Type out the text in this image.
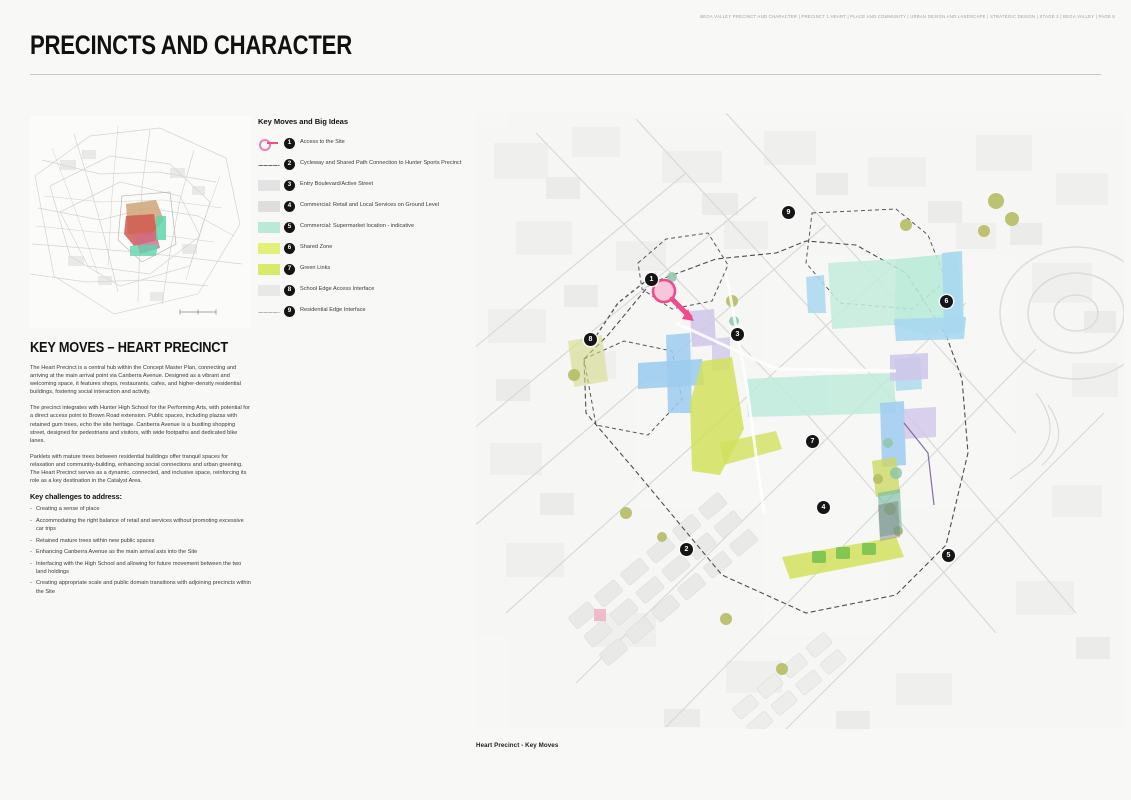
BEGA VALLEY PRECINCT AND CHARACTER | PRECINCT 1 HEART | PLACE AND COMMUNITY | URBAN DESIGN AND LANDSCAPE | STRATEGIC DESIGN | STAGE 2 | BEGA VALLEY | PAGE 8
PRECINCTS AND CHARACTER
KEY MOVES – HEART PRECINCT

The Heart Precinct is a central hub within the Concept Master Plan, connecting and arriving at the main arrival point via Canberra Avenue. Designed as a vibrant and welcoming space, it features shops, restaurants, cafes, and higher-density residential buildings, fostering social interaction and activity.

The precinct integrates with Hunter High School for the Performing Arts, with potential for a direct access point to Brown Road extension. Public spaces, including plazas with retained gum trees, echo the site heritage. Canberra Avenue is a bustling shopping street, designed for pedestrians and visitors, with wide footpaths and dedicated bike lanes.

Parklets with mature trees between residential buildings offer tranquil spaces for relaxation and community-building, enhancing social connections and urban greening. The Heart Precinct serves as a dynamic, connected, and inclusive space, reinforcing its role as a key destination in the Catalyst Area.

Key challenges to address:
- Creating a sense of place
- Accommodating the right balance of retail and services without promoting excessive car trips
- Retained mature trees within new public spaces
- Enhancing Canberra Avenue as the main arrival axis into the Site
- Interfacing with the High School and allowing for future movement between the two land holdings
- Creating appropriate scale and public domain transitions with adjoining precincts within the Site
Key Moves and Big Ideas
1	Access to the Site
2	Cycleway and Shared Path Connection to Hunter Sports Precinct
3	Entry Boulevard/Active Street
4	Commercial: Retail and Local Services on Ground Level
5	Commercial: Supermarket location - indicative
6	Shared Zone
7	Green Links
8	School Edge Access Interface
9	Residential Edge Interface
1
2
3
4
5
6
7
8
9
Heart Precinct - Key Moves
